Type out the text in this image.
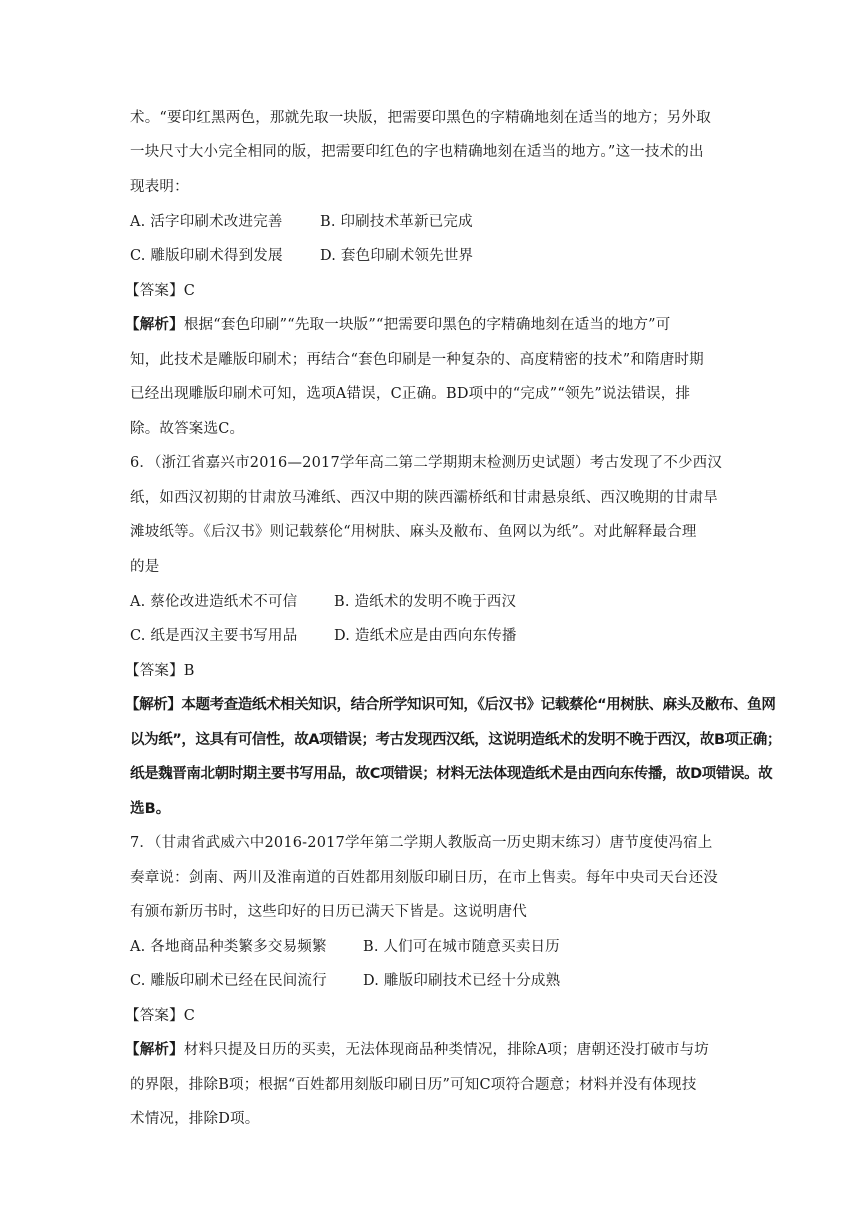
术。“要印红黑两色，那就先取一块版，把需要印黑色的字精确地刻在适当的地方；另外取
一块尺寸大小完全相同的版，把需要印红色的字也精确地刻在适当的地方。”这一技术的出
现表明：
A. 活字印刷术改进完善	B. 印刷技术革新已完成
C. 雕版印刷术得到发展	D. 套色印刷术领先世界
【答案】C
【解析】根据“套色印刷”“先取一块版”“把需要印黑色的字精确地刻在适当的地方”可
知，此技术是雕版印刷术；再结合“套色印刷是一种复杂的、高度精密的技术”和隋唐时期
已经出现雕版印刷术可知，选项A错误，C正确。BD项中的“完成”“领先”说法错误，排
除。故答案选C。
6．（浙江省嘉兴市2016—2017学年高二第二学期期末检测历史试题）考古发现了不少西汉
纸，如西汉初期的甘肃放马滩纸、西汉中期的陕西灞桥纸和甘肃悬泉纸、西汉晚期的甘肃旱
滩坡纸等。《后汉书》则记载蔡伦“用树肤、麻头及敝布、鱼网以为纸”。对此解释最合理
的是
A. 蔡伦改进造纸术不可信	B. 造纸术的发明不晚于西汉
C. 纸是西汉主要书写用品	D. 造纸术应是由西向东传播
【答案】B
【解析】本题考查造纸术相关知识，结合所学知识可知，《后汉书》记载蔡伦“用树肤、麻头及敝布、鱼网
以为纸”，这具有可信性，故A项错误；考古发现西汉纸，这说明造纸术的发明不晚于西汉，故B项正确；
纸是魏晋南北朝时期主要书写用品，故C项错误；材料无法体现造纸术是由西向东传播，故D项错误。故
选B。
7．（甘肃省武威六中2016-2017学年第二学期人教版高一历史期末练习）唐节度使冯宿上
奏章说：剑南、两川及淮南道的百姓都用刻版印刷日历，在市上售卖。每年中央司天台还没
有颁布新历书时，这些印好的日历已满天下皆是。这说明唐代
A. 各地商品种类繁多交易频繁	B. 人们可在城市随意买卖日历
C. 雕版印刷术已经在民间流行 D. 雕版印刷技术已经十分成熟
【答案】C
【解析】材料只提及日历的买卖，无法体现商品种类情况，排除A项；唐朝还没打破市与坊
的界限，排除B项；根据“百姓都用刻版印刷日历”可知C项符合题意；材料并没有体现技
术情况，排除D项。
